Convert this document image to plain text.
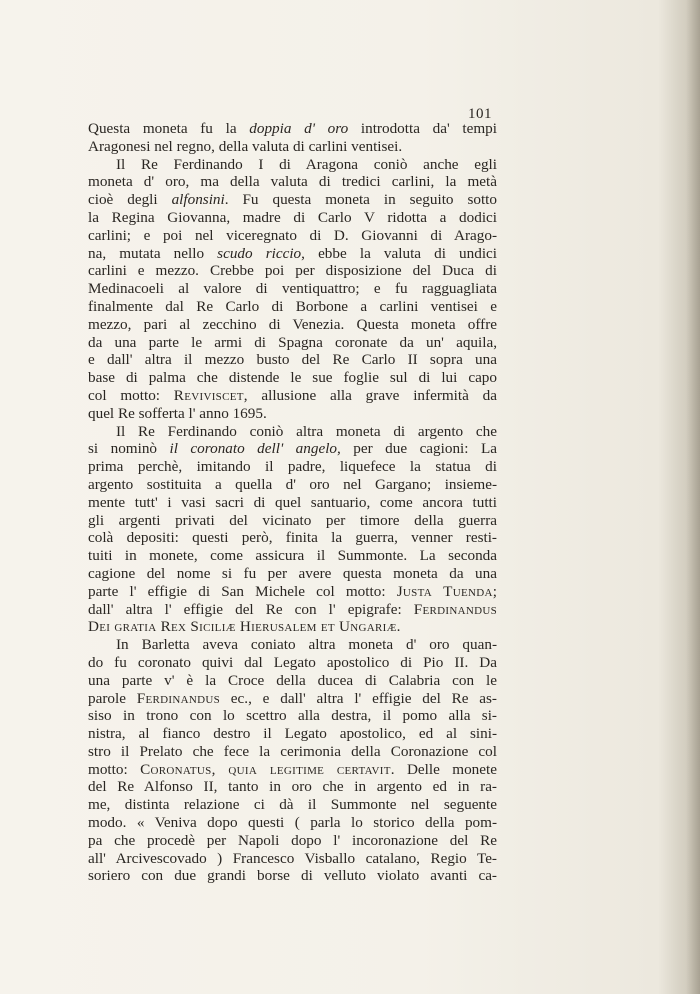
101
Questa moneta fu la doppia d' oro introdotta da' tempi
Aragonesi nel regno, della valuta di carlini ventisei.
Il Re Ferdinando I di Aragona coniò anche egli
moneta d' oro, ma della valuta di tredici carlini, la metà
cioè degli alfonsini. Fu questa moneta in seguito sotto
la Regina Giovanna, madre di Carlo V ridotta a dodici
carlini; e poi nel viceregnato di D. Giovanni di Arago-
na, mutata nello scudo riccio, ebbe la valuta di undici
carlini e mezzo. Crebbe poi per disposizione del Duca di
Medinacoeli al valore di ventiquattro; e fu ragguagliata
finalmente dal Re Carlo di Borbone a carlini ventisei e
mezzo, pari al zecchino di Venezia. Questa moneta offre
da una parte le armi di Spagna coronate da un' aquila,
e dall' altra il mezzo busto del Re Carlo II sopra una
base di palma che distende le sue foglie sul di lui capo
col motto: Revivisceт, allusione alla grave infermità da
quel Re sofferta l' anno 1695.
Il Re Ferdinando coniò altra moneta di argento che
si nominò il coronato dell' angelo, per due cagioni: La
prima perchè, imitando il padre, liquefece la statua di
argento sostituita a quella d' oro nel Gargano; insieme-
mente tutt' i vasi sacri di quel santuario, come ancora tutti
gli argenti privati del vicinato per timore della guerra
colà depositi: questi però, finita la guerra, venner resti-
tuiti in monete, come assicura il Summonte. La seconda
cagione del nome si fu per avere questa moneta da una
parte l' effigie di San Michele col motto: Justa Tuenda;
dall' altra l' effigie del Re con l' epigrafe: Ferdinandus
Dei gratia Rex Siciliæ Hierusalem et Ungariæ.
In Barletta aveva coniato altra moneta d' oro quan-
do fu coronato quivi dal Legato apostolico di Pio II. Da
una parte v' è la Croce della ducea di Calabria con le
parole Ferdinandus ec., e dall' altra l' effigie del Re as-
siso in trono con lo scettro alla destra, il pomo alla si-
nistra, al fianco destro il Legato apostolico, ed al sini-
stro il Prelato che fece la cerimonia della Coronazione col
motto: Coronatus, quia legitime certavit. Delle monete
del Re Alfonso II, tanto in oro che in argento ed in ra-
me, distinta relazione ci dà il Summonte nel seguente
modo. « Veniva dopo questi ( parla lo storico della pom-
pa che procedè per Napoli dopo l' incoronazione del Re
all' Arcivescovado ) Francesco Visballo catalano, Regio Te-
soriero con due grandi borse di velluto violato avanti ca-
